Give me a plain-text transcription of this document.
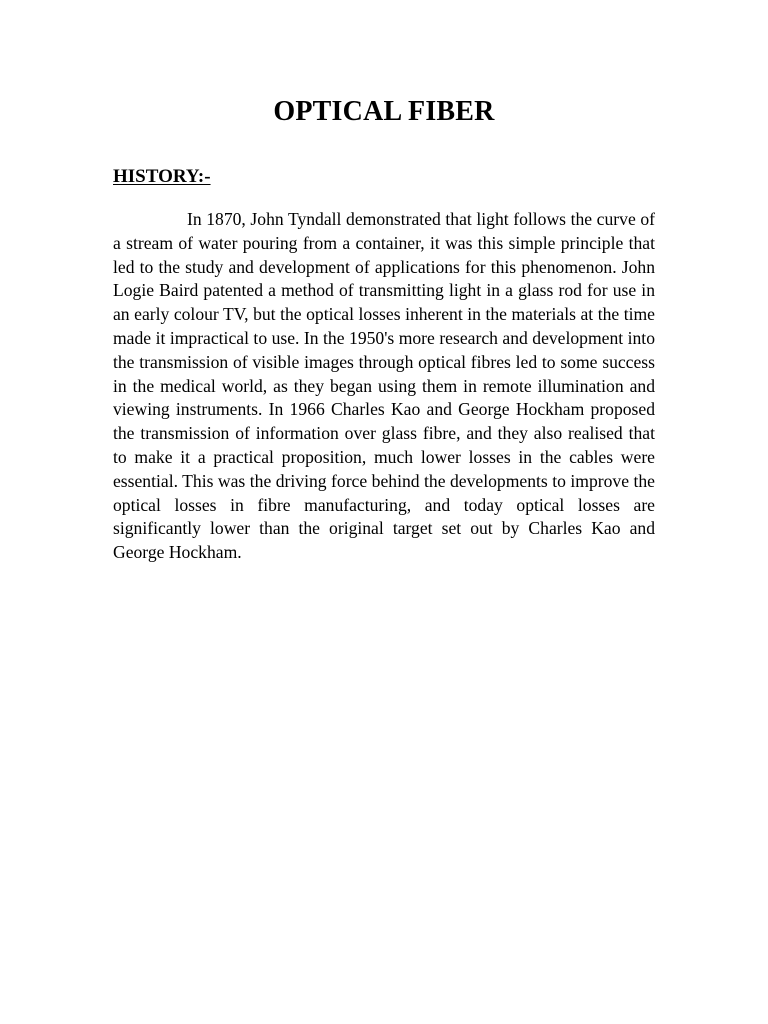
OPTICAL FIBER
HISTORY:-

In 1870, John Tyndall demonstrated that light follows the curve of a stream of water pouring from a container, it was this simple principle that led to the study and development of applications for this phenomenon. John Logie Baird patented a method of transmitting light in a glass rod for use in an early colour TV, but the optical losses inherent in the materials at the time made it impractical to use. In the 1950's more research and development into the transmission of visible images through optical fibres led to some success in the medical world, as they began using them in remote illumination and viewing instruments. In 1966 Charles Kao and George Hockham proposed the transmission of information over glass fibre, and they also realised that to make it a practical proposition, much lower losses in the cables were essential. This was the driving force behind the developments to improve the optical losses in fibre manufacturing, and today optical losses are significantly lower than the original target set out by Charles Kao and George Hockham.
